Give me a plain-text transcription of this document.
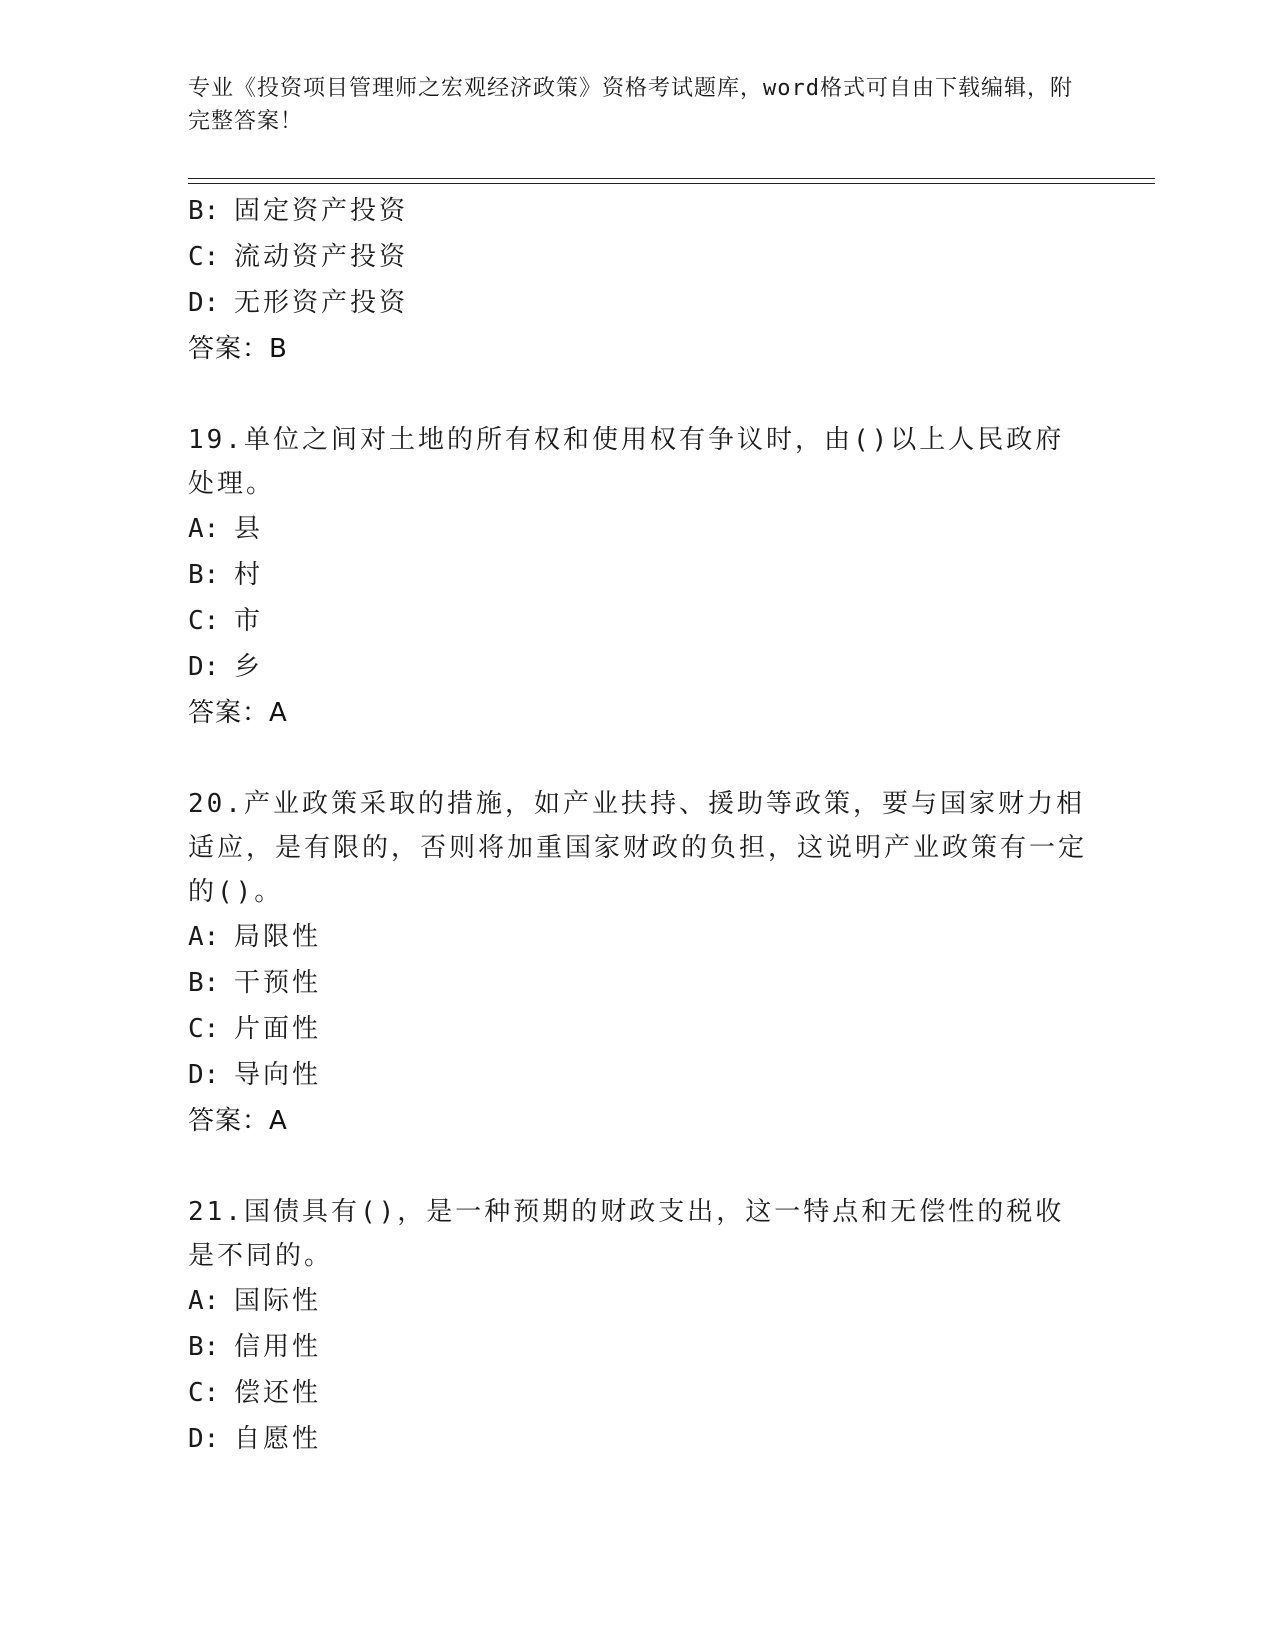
专业《投资项目管理师之宏观经济政策》资格考试题库，word格式可自由下载编辑，附完整答案！
B: 固定资产投资
C: 流动资产投资
D: 无形资产投资
答案：B
19.单位之间对土地的所有权和使用权有争议时，由()以上人民政府处理。
A: 县
B: 村
C: 市
D: 乡
答案：A
20.产业政策采取的措施，如产业扶持、援助等政策，要与国家财力相适应，是有限的，否则将加重国家财政的负担，这说明产业政策有一定的()。
A: 局限性
B: 干预性
C: 片面性
D: 导向性
答案：A
21.国债具有()，是一种预期的财政支出，这一特点和无偿性的税收是不同的。
A: 国际性
B: 信用性
C: 偿还性
D: 自愿性
